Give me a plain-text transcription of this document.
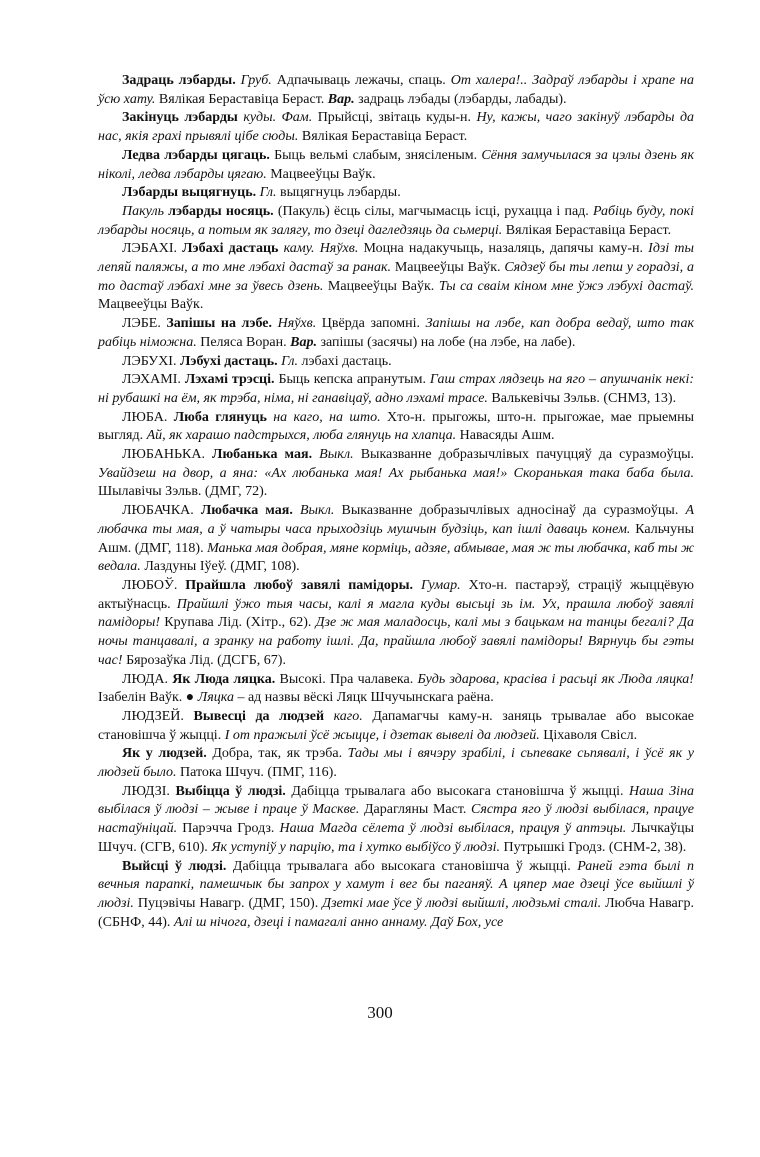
Задраць лэбарды. Груб. Адпачываць лежачы, спаць. От халера!.. Задраў лэбарды і храпе на ўсю хату. Вялікая Берастaвіца Бераст. Вар. задраць лэбады (лэбарды, лабады).

Закінуць лэбарды куды. Фам. Прыйсці, звітаць куды-н. Ну, кажы, чаго закінуў лэбарды да нас, якія грахі прывялі цібе сюды. Вялікая Берастaвіца Бераст.

Ледва лэбарды цягаць. Быць вельмі слабым, знясіленым. Сёння замучылася за цэлы дзень як ніколі, ледва лэбарды цягаю. Мацвееўцы Ваўк.

Лэбарды выцягнуць. Гл. выцягнуць лэбарды.

Пакуль лэбарды носяць. (Пакуль) ёсць сілы, магчымасць ісці, рухацца і пад. Рабіць буду, покі лэбарды носяць, а потым як залягу, то дзеці дагледзяць да сьмерці. Вялікая Берастaвіца Бераст.

ЛЭБАХІ. Лэбахі дастаць каму. Няўхв. Моцна надакучыць, назаляць, дапячы каму-н. Ідзі ты лепяй паляжы, а то мне лэбахі дастаў за ранак. Мацвееўцы Ваўк. Сядзеў бы ты лепш у горадзі, а то дастаў лэбахі мне за ўвесь дзень. Мацвееўцы Ваўк. Ты са сваім кіном мне ўжэ лэбухі дастаў. Мацвееўцы Ваўк.

ЛЭБЕ. Запішы на лэбе. Няўхв. Цвёрда запомні. Запішы на лэбе, кап добра ведаў, што так рабіць німожна. Пеляса Воран. Вар. запішы (засячы) на лобе (на лэбе, на лабе).

ЛЭБУХІ. Лэбухі дастаць. Гл. лэбахі дастаць.

ЛЭХАМІ. Лэхамі трэсці. Быць кепска апранутым. Гаш страх лядзець на яго – апушчанік некі: ні рубашкі на ём, як трэба, німа, ні ганавіцаў, адно лэхамі трасе. Валькевічы Зэльв. (СНМЗ, 13).

ЛЮБА. Люба глянуць на каго, на што. Хто-н. прыгожы, што-н. прыгожае, мае прыемны выгляд. Ай, як харашо падстрыхся, люба глянуць на хлапца. Навасяды Ашм.

ЛЮБАНЬКА. Любанька мая. Выкл. Выказванне добразычлівых пачуццяў да суразмоўцы. Увайдзеш на двор, а яна: «Ах любанька мая! Ах рыбанька мая!» Скоранькая така баба была. Шылавічы Зэльв. (ДМГ, 72).

ЛЮБАЧКА. Любачка мая. Выкл. Выказванне добразычлівых адносінаў да суразмоўцы. А любачка ты мая, а ў чатыры часа прыходзіць мушчын будзіць, кап ішлі даваць конем. Кальчуны Ашм. (ДМГ, 118). Манька мая добрая, мяне корміць, адзяе, абмывае, мая ж ты любачка, каб ты ж ведала. Лаздуны Іўеў. (ДМГ, 108).

ЛЮБОЎ. Прайшла любоў завялі памідоры. Гумар. Хто-н. пастарэў, страціў жыццёвую актыўнасць. Прайшлі ўжо тыя часы, калі я магла куды высьці зь ім. Ух, прашла любоў завялі памідоры! Крупава Лід. (Хітр., 62). Дзе ж мая маладосць, калі мы з бацькам на танцы бегалі? Да ночы танцавалі, а зранку на работу ішлі. Да, прайшла любоў завялі памідоры! Вярнуць бы гэты час! Бярозаўка Лід. (ДСГБ, 67).

ЛЮДА. Як Люда ляцка. Высокі. Пра чалавека. Будь здарова, красіва і расьці як Люда ляцка! Ізабелін Ваўк. ● Ляцка – ад назвы вёскі Ляцк Шчучынскага раёна.

ЛЮДЗЕЙ. Вывесці да людзей каго. Дапамагчы каму-н. заняць трывалае або высокае становішча ў жыцці. І от пражылі ўсё жыцце, і дзетак вывелі да людзей. Ціхаволя Свісл.

Як у людзей. Добра, так, як трэба. Тады мы і вячэру зрабілі, і сьпеваке сьпявалі, і ўсё як у людзей было. Патока Шчуч. (ПМГ, 116).

ЛЮДЗІ. Выбіцца ў людзі. Дабіцца трывалага або высокага становішча ў жыцці. Наша Зіна выбілася ў людзі – жыве і праце ў Маскве. Дарагляны Маст. Сястра яго ў людзі выбілася, працуе настаўніцай. Парэчча Гродз. Наша Магда сёлета ў людзі выбілася, працуя ў аптэцы. Лычкаўцы Шчуч. (СГВ, 610). Як уступіў у парцію, та і хутко выбіўсо ў людзі. Путрышкі Гродз. (СНМ-2, 38).

Выйсці ў людзі. Дабіцца трывалага або высокага становішча ў жыцці. Раней гэта былі п вечныя парапкі, памешчык бы запрох у хамут і вег бы паганяў. А цяпер мае дзеці ўсе выйшлі ў людзі. Пуцэвічы Навагр. (ДМГ, 150). Дзеткі мае ўсе ў людзі выйшлі, людзьмі сталі. Любча Навагр. (СБНФ, 44). Алі ш нічога, дзеці і памагалі анно аннаму. Даў Бох, усе

300
